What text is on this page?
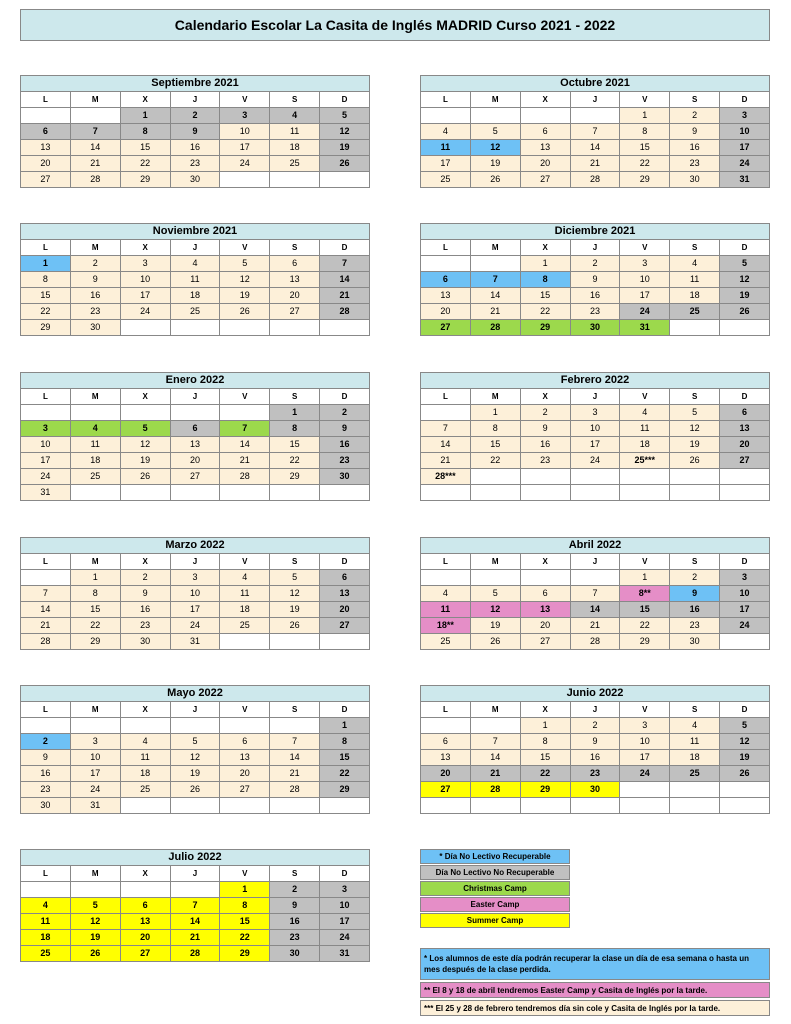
Calendario Escolar La Casita de Inglés MADRID Curso 2021 - 2022
Septiembre 2021						
L	M	X	J	V	S	D
		1	2	3	4	5
6	7	8	9	10	11	12
13	14	15	16	17	18	19
20	21	22	23	24	25	26
27	28	29	30			
Octubre 2021						
L	M	X	J	V	S	D
				1	2	3
4	5	6	7	8	9	10
11	12	13	14	15	16	17
17	19	20	21	22	23	24
25	26	27	28	29	30	31
Noviembre 2021						
L	M	X	J	V	S	D
1	2	3	4	5	6	7
8	9	10	11	12	13	14
15	16	17	18	19	20	21
22	23	24	25	26	27	28
29	30					
Diciembre 2021						
L	M	X	J	V	S	D
		1	2	3	4	5
6	7	8	9	10	11	12
13	14	15	16	17	18	19
20	21	22	23	24	25	26
27	28	29	30	31		
Enero 2022						
L	M	X	J	V	S	D
					1	2
3	4	5	6	7	8	9
10	11	12	13	14	15	16
17	18	19	20	21	22	23
24	25	26	27	28	29	30
31						
Febrero 2022						
L	M	X	J	V	S	D
	1	2	3	4	5	6
7	8	9	10	11	12	13
14	15	16	17	18	19	20
21	22	23	24	25***	26	27
28***						

Marzo 2022						
L	M	X	J	V	S	D
	1	2	3	4	5	6
7	8	9	10	11	12	13
14	15	16	17	18	19	20
21	22	23	24	25	26	27
28	29	30	31			
Abril 2022						
L	M	X	J	V	S	D
				1	2	3
4	5	6	7	8**	9	10
11	12	13	14	15	16	17
18**	19	20	21	22	23	24
25	26	27	28	29	30	
Mayo 2022						
L	M	X	J	V	S	D
						1
2	3	4	5	6	7	8
9	10	11	12	13	14	15
16	17	18	19	20	21	22
23	24	25	26	27	28	29
30	31					
Junio 2022						
L	M	X	J	V	S	D
		1	2	3	4	5
6	7	8	9	10	11	12
13	14	15	16	17	18	19
20	21	22	23	24	25	26
27	28	29	30			

Julio 2022						
L	M	X	J	V	S	D
				1	2	3
4	5	6	7	8	9	10
11	12	13	14	15	16	17
18	19	20	21	22	23	24
25	26	27	28	29	30	31
* Día No Lectivo Recuperable
Día No Lectivo No Recuperable
Christmas Camp
Easter Camp
Summer Camp
* Los alumnos de este día podrán recuperar la clase un día de esa semana o hasta un mes después de la clase perdida.
** El 8 y 18 de abril tendremos Easter Camp y Casita de Inglés por la tarde.
*** El 25 y 28 de febrero tendremos día sin cole y Casita de Inglés por la tarde.
